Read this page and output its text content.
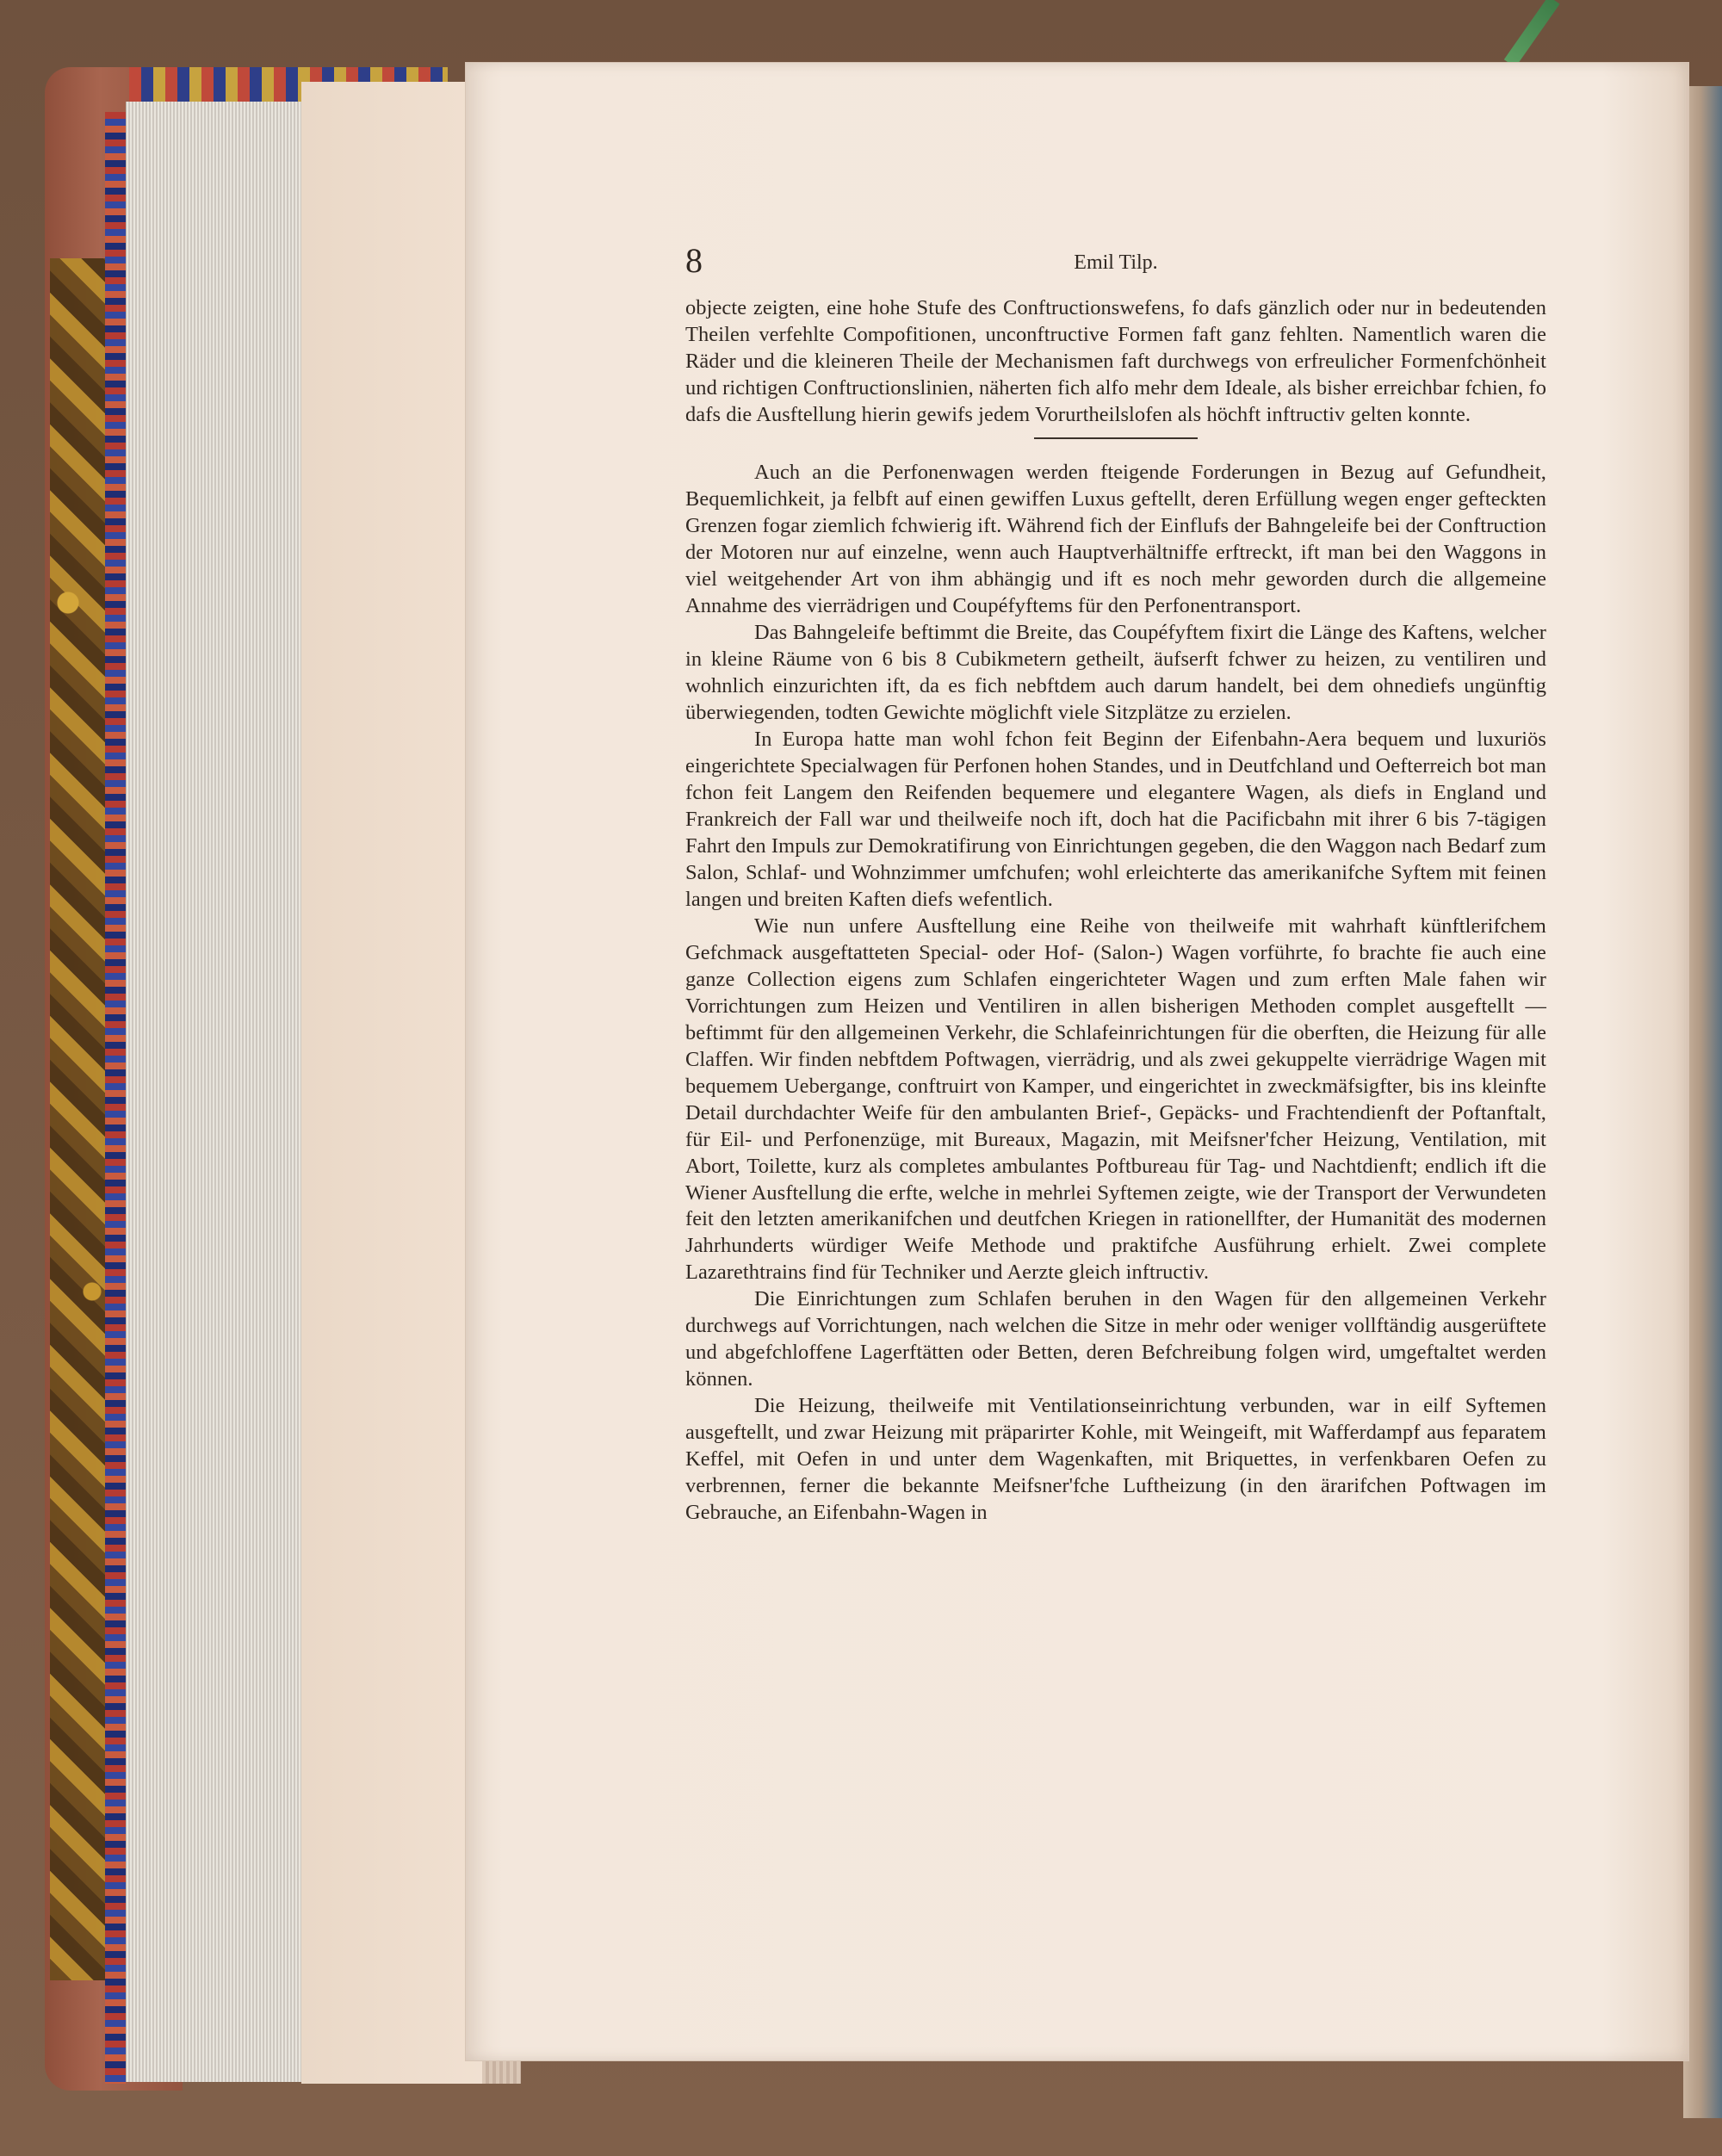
8	Emil Tilp.

objecte zeigten, eine hohe Stufe des Conftructionswefens, fo dafs gänzlich oder nur in bedeutenden Theilen verfehlte Compofitionen, unconftructive Formen faft ganz fehlten. Namentlich waren die Räder und die kleineren Theile der Mechanismen faft durchwegs von erfreulicher Formenfchönheit und richtigen Conftructionslinien, näherten fich alfo mehr dem Ideale, als bisher erreichbar fchien, fo dafs die Ausftellung hierin gewifs jedem Vorurtheilslofen als höchft inftructiv gelten konnte.

Auch an die Perfonenwagen werden fteigende Forderungen in Bezug auf Gefundheit, Bequemlichkeit, ja felbft auf einen gewiffen Luxus geftellt, deren Erfüllung wegen enger gefteckten Grenzen fogar ziemlich fchwierig ift. Während fich der Einflufs der Bahngeleife bei der Conftruction der Motoren nur auf einzelne, wenn auch Hauptverhältniffe erftreckt, ift man bei den Waggons in viel weitgehender Art von ihm abhängig und ift es noch mehr geworden durch die allgemeine Annahme des vierrädrigen und Coupéfyftems für den Perfonentransport.

Das Bahngeleife beftimmt die Breite, das Coupéfyftem fixirt die Länge des Kaftens, welcher in kleine Räume von 6 bis 8 Cubikmetern getheilt, äufserft fchwer zu heizen, zu ventiliren und wohnlich einzurichten ift, da es fich nebftdem auch darum handelt, bei dem ohnediefs ungünftig überwiegenden, todten Gewichte möglichft viele Sitzplätze zu erzielen.

In Europa hatte man wohl fchon feit Beginn der Eifenbahn-Aera bequem und luxuriös eingerichtete Specialwagen für Perfonen hohen Standes, und in Deutfchland und Oefterreich bot man fchon feit Langem den Reifenden bequemere und elegantere Wagen, als diefs in England und Frankreich der Fall war und theilweife noch ift, doch hat die Pacificbahn mit ihrer 6 bis 7-tägigen Fahrt den Impuls zur Demokratifirung von Einrichtungen gegeben, die den Waggon nach Bedarf zum Salon, Schlaf- und Wohnzimmer umfchufen; wohl erleichterte das amerikanifche Syftem mit feinen langen und breiten Kaften diefs wefentlich.

Wie nun unfere Ausftellung eine Reihe von theilweife mit wahrhaft künftlerifchem Gefchmack ausgeftatteten Special- oder Hof- (Salon-) Wagen vorführte, fo brachte fie auch eine ganze Collection eigens zum Schlafen eingerichteter Wagen und zum erften Male fahen wir Vorrichtungen zum Heizen und Ventiliren in allen bisherigen Methoden complet ausgeftellt — beftimmt für den allgemeinen Verkehr, die Schlafeinrichtungen für die oberften, die Heizung für alle Claffen. Wir finden nebftdem Poftwagen, vierrädrig, und als zwei gekuppelte vierrädrige Wagen mit bequemem Uebergange, conftruirt von Kamper, und eingerichtet in zweckmäfsigfter, bis ins kleinfte Detail durchdachter Weife für den ambulanten Brief-, Gepäcks- und Frachtendienft der Poftanftalt, für Eil- und Perfonenzüge, mit Bureaux, Magazin, mit Meifsner'fcher Heizung, Ventilation, mit Abort, Toilette, kurz als completes ambulantes Poftbureau für Tag- und Nachtdienft; endlich ift die Wiener Ausftellung die erfte, welche in mehrlei Syftemen zeigte, wie der Transport der Verwundeten feit den letzten amerikanifchen und deutfchen Kriegen in rationellfter, der Humanität des modernen Jahrhunderts würdiger Weife Methode und praktifche Ausführung erhielt. Zwei complete Lazarethtrains find für Techniker und Aerzte gleich inftructiv.

Die Einrichtungen zum Schlafen beruhen in den Wagen für den allgemeinen Verkehr durchwegs auf Vorrichtungen, nach welchen die Sitze in mehr oder weniger vollftändig ausgerüftete und abgefchloffene Lagerftätten oder Betten, deren Befchreibung folgen wird, umgeftaltet werden können.

Die Heizung, theilweife mit Ventilationseinrichtung verbunden, war in eilf Syftemen ausgeftellt, und zwar Heizung mit präparirter Kohle, mit Weingeift, mit Wafferdampf aus feparatem Keffel, mit Oefen in und unter dem Wagenkaften, mit Briquettes, in verfenkbaren Oefen zu verbrennen, ferner die bekannte Meifsner'fche Luftheizung (in den ärarifchen Poftwagen im Gebrauche, an Eifenbahn-Wagen in
